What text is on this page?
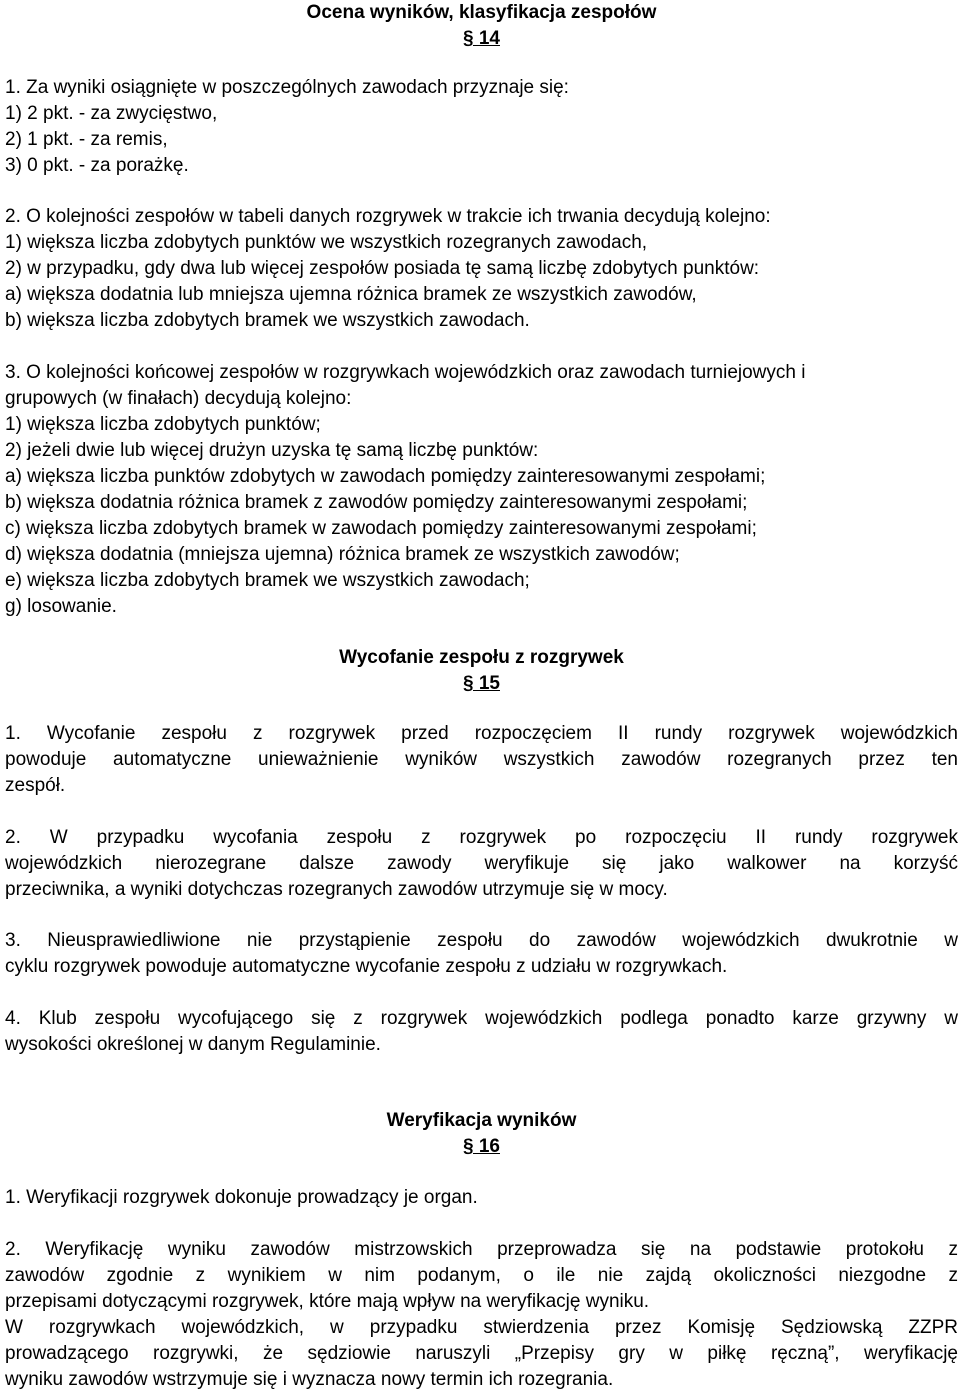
Ocena wyników, klasyfikacja zespołów
§ 14
1. Za wyniki osiągnięte w poszczególnych zawodach przyznaje się:
1) 2 pkt. - za zwycięstwo,
2) 1 pkt. - za remis,
3) 0 pkt. - za porażkę.
2. O kolejności zespołów w tabeli danych rozgrywek w trakcie ich trwania decydują kolejno:
1) większa liczba zdobytych punktów we wszystkich rozegranych zawodach,
2) w przypadku, gdy dwa lub więcej zespołów posiada tę samą liczbę zdobytych punktów:
a) większa dodatnia lub mniejsza ujemna różnica bramek ze wszystkich zawodów,
b) większa liczba zdobytych bramek we wszystkich zawodach.
3. O kolejności końcowej zespołów w rozgrywkach wojewódzkich oraz zawodach turniejowych i
grupowych (w finałach) decydują kolejno:
1) większa liczba zdobytych punktów;
2) jeżeli dwie lub więcej drużyn uzyska tę samą liczbę punktów:
a) większa liczba punktów zdobytych w zawodach pomiędzy zainteresowanymi zespołami;
b) większa dodatnia różnica bramek z zawodów pomiędzy zainteresowanymi zespołami;
c) większa liczba zdobytych bramek w zawodach pomiędzy zainteresowanymi zespołami;
d) większa dodatnia (mniejsza ujemna) różnica bramek ze wszystkich zawodów;
e) większa liczba zdobytych bramek we wszystkich zawodach;
g) losowanie.
Wycofanie zespołu z rozgrywek
§ 15
1. Wycofanie zespołu z rozgrywek przed rozpoczęciem II rundy rozgrywek wojewódzkich
powoduje automatyczne unieważnienie wyników wszystkich zawodów rozegranych przez ten
zespół.
2. W przypadku wycofania zespołu z rozgrywek po rozpoczęciu II rundy rozgrywek
wojewódzkich nierozegrane dalsze zawody weryfikuje się jako walkower na korzyść
przeciwnika, a wyniki dotychczas rozegranych zawodów utrzymuje się w mocy.
3. Nieusprawiedliwione nie przystąpienie zespołu do zawodów wojewódzkich dwukrotnie w
cyklu rozgrywek powoduje automatyczne wycofanie zespołu z udziału w rozgrywkach.
4. Klub zespołu wycofującego się z rozgrywek wojewódzkich podlega ponadto karze grzywny w
wysokości określonej w danym Regulaminie.
Weryfikacja wyników
§ 16
1. Weryfikacji rozgrywek dokonuje prowadzący je organ.
2. Weryfikację wyniku zawodów mistrzowskich przeprowadza się na podstawie protokołu z
zawodów zgodnie z wynikiem w nim podanym, o ile nie zajdą okoliczności niezgodne z
przepisami dotyczącymi rozgrywek, które mają wpływ na weryfikację wyniku.
W rozgrywkach wojewódzkich, w przypadku stwierdzenia przez Komisję Sędziowską ZZPR
prowadzącego rozgrywki, że sędziowie naruszyli „Przepisy gry w piłkę ręczną”, weryfikację
wyniku zawodów wstrzymuje się i wyznacza nowy termin ich rozegrania.
